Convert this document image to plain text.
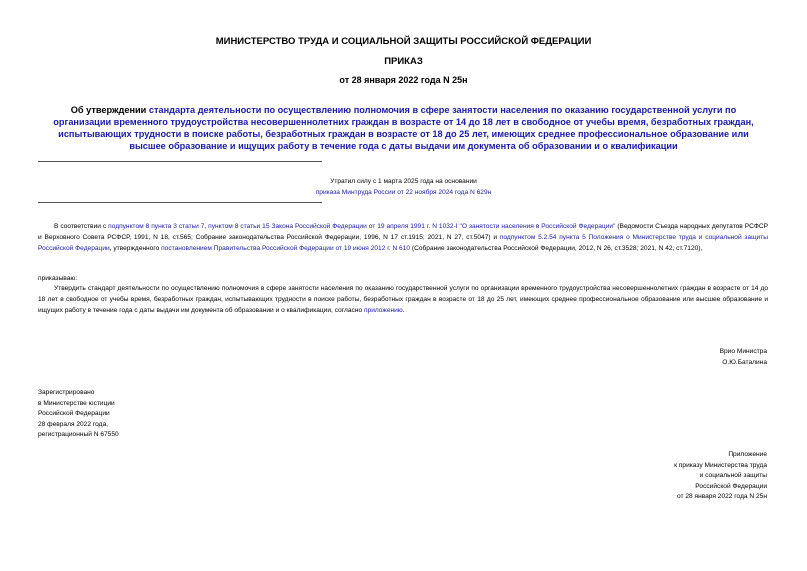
МИНИСТЕРСТВО ТРУДА И СОЦИАЛЬНОЙ ЗАЩИТЫ РОССИЙСКОЙ ФЕДЕРАЦИИ
ПРИКАЗ
от 28 января 2022 года N 25н
Об утверждении стандарта деятельности по осуществлению полномочия в сфере занятости населения по оказанию государственной услуги по организации временного трудоустройства несовершеннолетних граждан в возрасте от 14 до 18 лет в свободное от учебы время, безработных граждан, испытывающих трудности в поиске работы, безработных граждан в возрасте от 18 до 25 лет, имеющих среднее профессиональное образование или высшее образование и ищущих работу в течение года с даты выдачи им документа об образовании и о квалификации
Утратил силу с 1 марта 2025 года на основании
приказа Минтруда России от 22 ноября 2024 года N 629н
В соответствии с подпунктом 8 пункта 3 статьи 7, пунктом 8 статьи 15 Закона Российской Федерации от 19 апреля 1991 г. N 1032-I "О занятости населения в Российской Федерации" (Ведомости Съезда народных депутатов РСФСР и Верховного Совета РСФСР, 1991, N 18, ст.565; Собрание законодательства Российской Федерации, 1996, N 17 ст.1915; 2021, N 27, ст.5047) и подпунктом 5.2.54 пункта 5 Положения о Министерстве труда и социальной защиты Российской Федерации, утвержденного постановлением Правительства Российской Федерации от 19 июня 2012 г. N 610 (Собрание законодательства Российской Федерации, 2012, N 26, ст.3528; 2021, N 42, ст.7120),
приказываю:
Утвердить стандарт деятельности по осуществлению полномочия в сфере занятости населения по оказанию государственной услуги по организации временного трудоустройства несовершеннолетних граждан в возрасте от 14 до 18 лет в свободное от учебы время, безработных граждан, испытывающих трудности в поиске работы, безработных граждан в возрасте от 18 до 25 лет, имеющих среднее профессиональное образование или высшее образование и ищущих работу в течение года с даты выдачи им документа об образовании и о квалификации, согласно приложению.
Врио Министра
О.Ю.Баталина
Зарегистрировано
в Министерстве юстиции
Российской Федерации
28 февраля 2022 года,
регистрационный N 67550
Приложение
к приказу Министерства труда
и социальной защиты
Российской Федерации
от 28 января 2022 года N 25н
